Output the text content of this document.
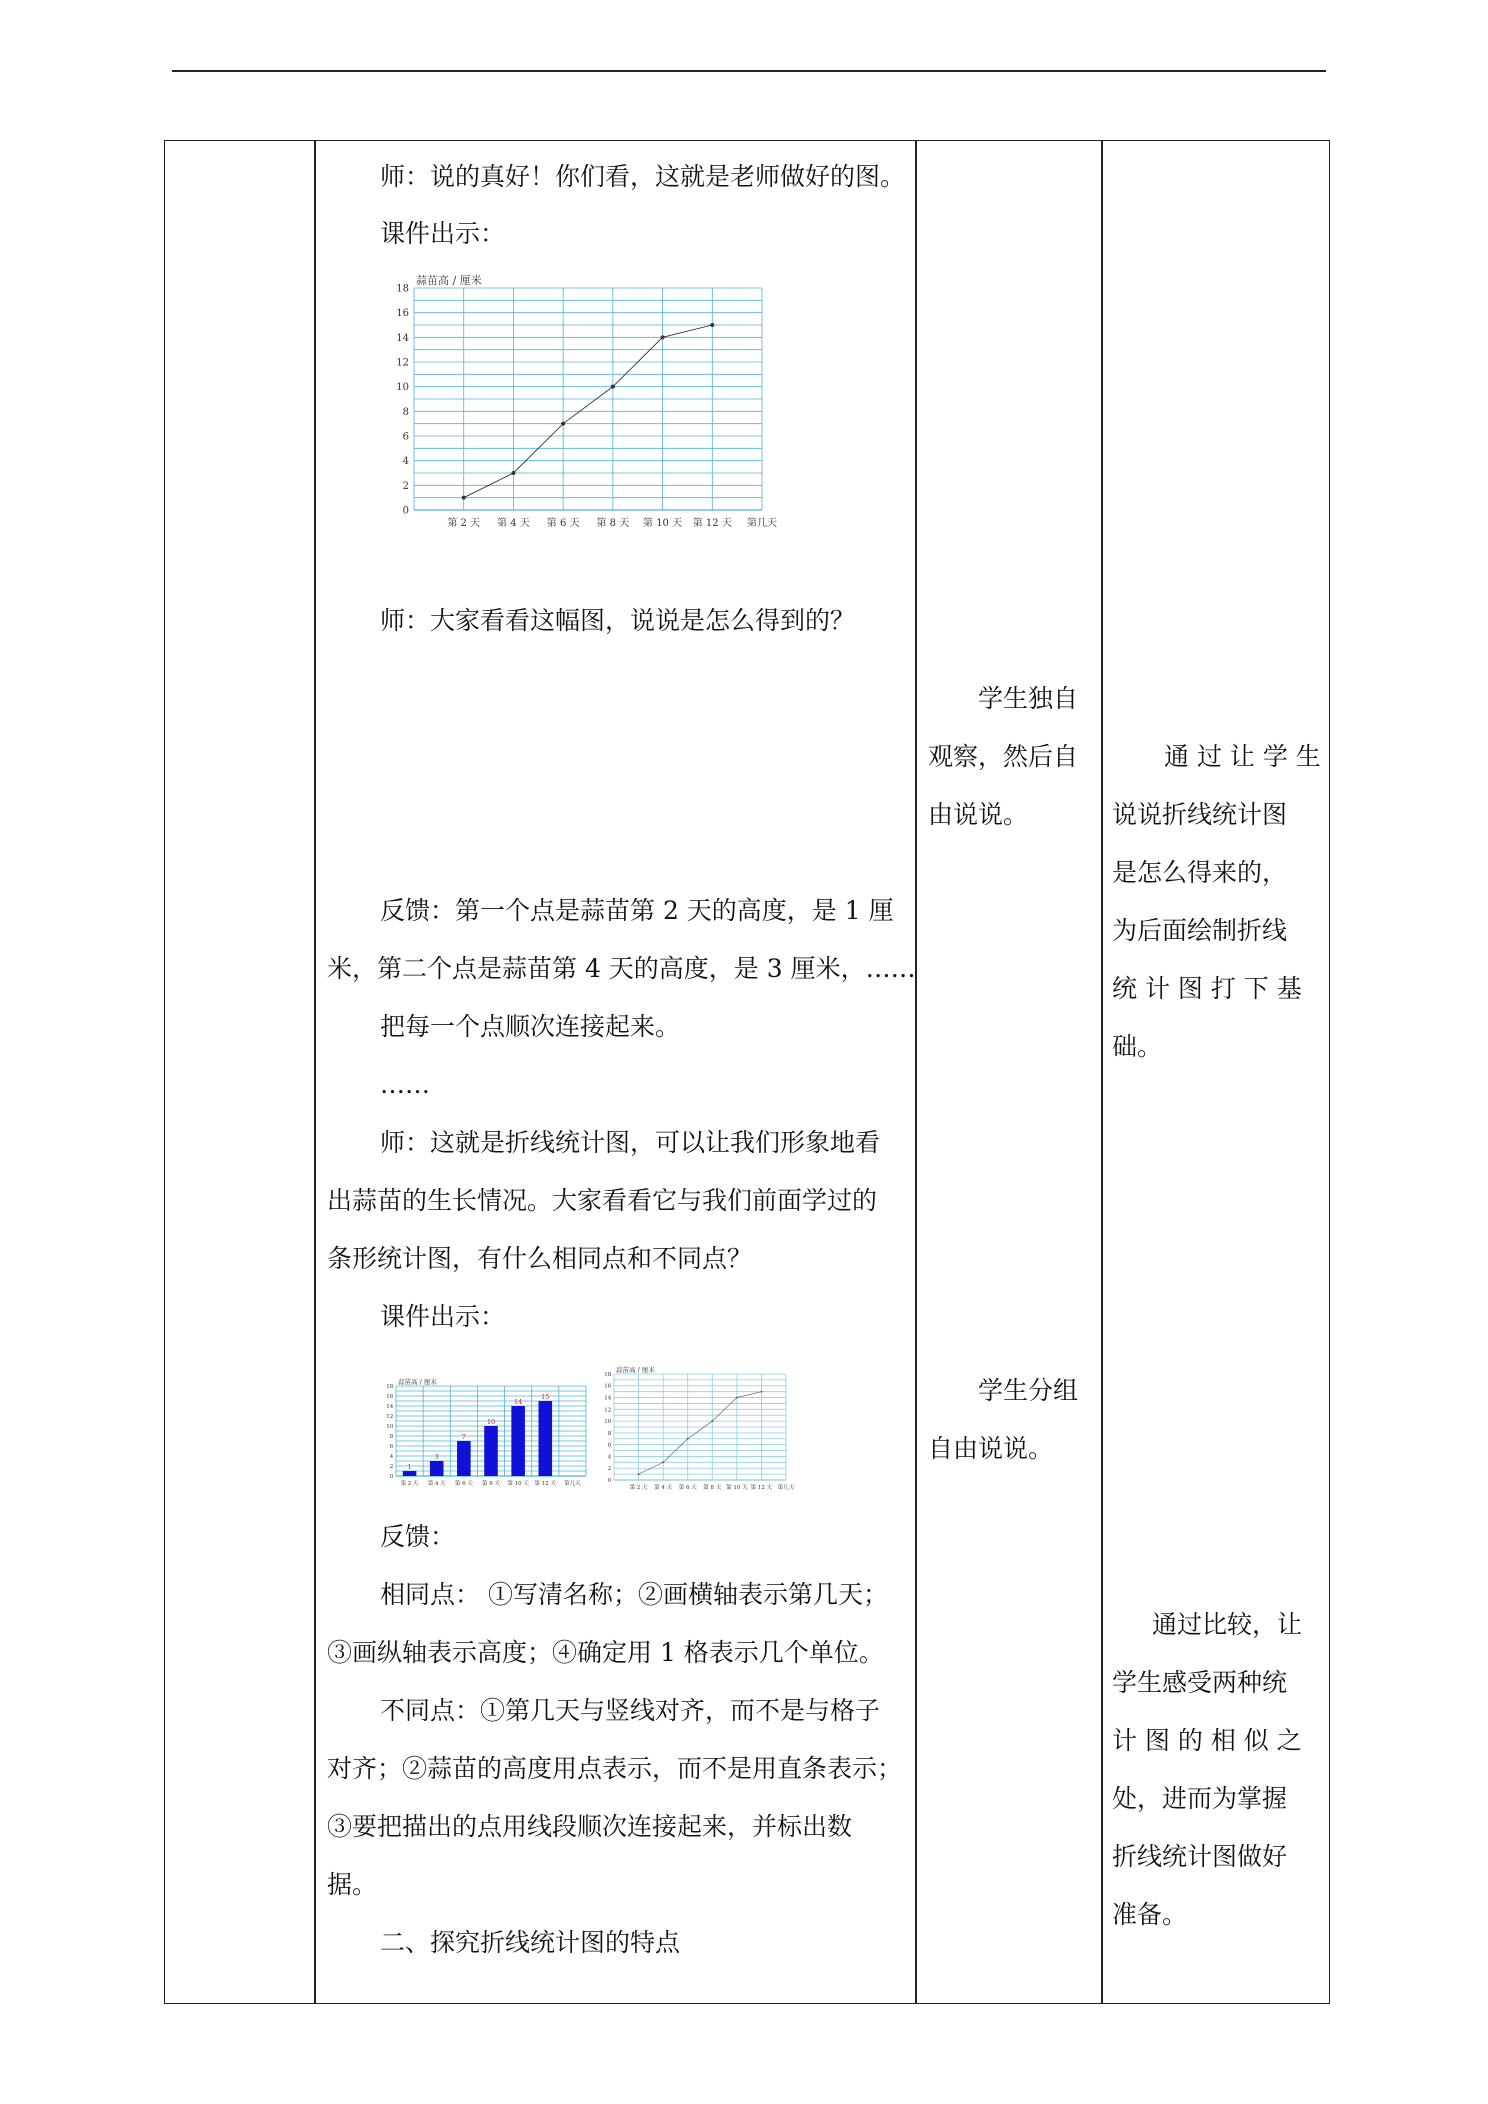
师：说的真好！你们看，这就是老师做好的图。
课件出示：
0
2
4
6
8
10
12
14
16
18
蒜苗高 / 厘米
第 2 天 第 4 天 第 6 天 第 8 天 第 10 天 第 12 天 第几天
师：大家看看这幅图，说说是怎么得到的？
反馈：第一个点是蒜苗第 2 天的高度，是 1 厘
米，第二个点是蒜苗第 4 天的高度，是 3 厘米，……
把每一个点顺次连接起来。
……
师：这就是折线统计图，可以让我们形象地看
出蒜苗的生长情况。大家看看它与我们前面学过的
条形统计图，有什么相同点和不同点？
课件出示：
0
2
4
6
8
10
12
14
16
18
蒜苗高 / 厘米
第 2 天 第 4 天 第 6 天 第 8 天 第 10 天 第 12 天 第几天
1
3
7
10
14
15
0
2
4
6
8
10
12
14
16
18
蒜苗高 / 厘米
第 2 天 第 4 天 第 6 天 第 8 天 第 10 天 第 12 天 第几天
反馈：
相同点： ①写清名称；②画横轴表示第几天；
③画纵轴表示高度；④确定用 1 格表示几个单位。
不同点：①第几天与竖线对齐，而不是与格子
对齐；②蒜苗的高度用点表示，而不是用直条表示；
③要把描出的点用线段顺次连接起来，并标出数
据。
二、探究折线统计图的特点
学生独自
观察，然后自
由说说。
学生分组
自由说说。
通 过 让 学 生
说说折线统计图
是怎么得来的，
为后面绘制折线
统 计 图 打 下 基
础。
通过比较，让
学生感受两种统
计 图 的 相 似 之
处，进而为掌握
折线统计图做好
准备。
